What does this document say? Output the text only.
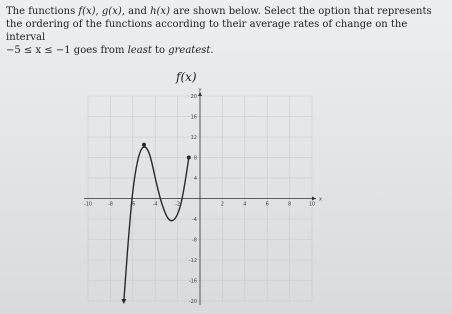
The functions f(x), g(x), and h(x) are shown below. Select the option that represents the ordering of the functions according to their average rates of change on the interval
−5 ≤ x ≤ −1 goes from least to greatest.
f(x)
x
y
-10	-8	-6	-4	-2	2	4	6	8	10
20
16
12
8
4
-4
-8
-12
-16
-20
